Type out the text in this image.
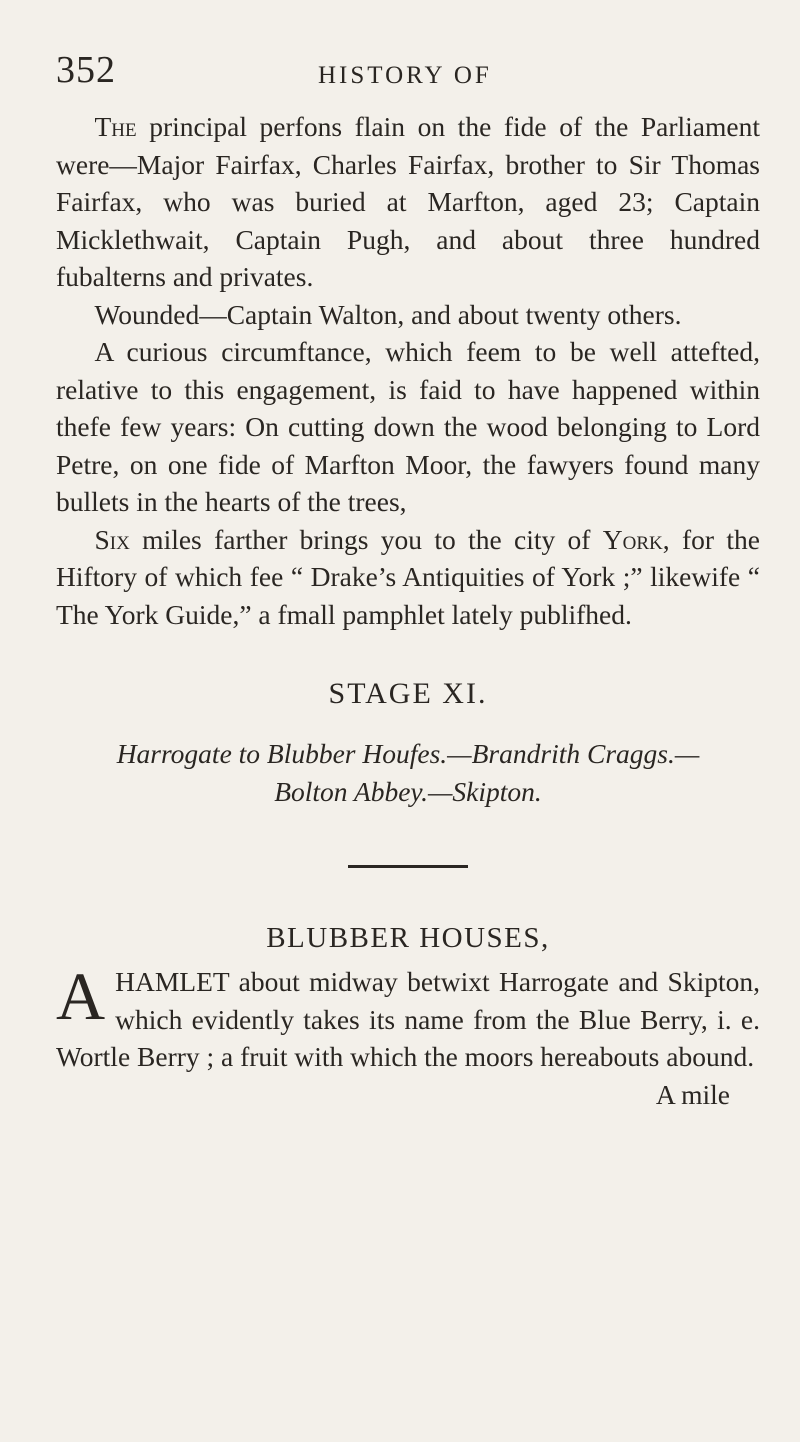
352	HISTORY OF

The principal perfons flain on the fide of the Parliament were—Major Fairfax, Charles Fairfax, brother to Sir Thomas Fairfax, who was buried at Marfton, aged 23; Captain Micklethwait, Captain Pugh, and about three hundred fubalterns and privates.

Wounded—Captain Walton, and about twenty others.

A curious circumftance, which feem to be well attefted, relative to this engagement, is faid to have happened within thefe few years: On cutting down the wood belonging to Lord Petre, on one fide of Marfton Moor, the fawyers found many bullets in the hearts of the trees,

Six miles farther brings you to the city of York, for the Hiftory of which fee “ Drake’s Antiquities of York ;” likewife “ The York Guide,” a fmall pamphlet lately publifhed.

STAGE XI.

Harrogate to Blubber Houfes.—Brandrith Craggs.—

Bolton Abbey.—Skipton.

BLUBBER HOUSES,

A HAMLET about midway betwixt Harrogate and Skipton, which evidently takes its name from the Blue Berry, i. e. Wortle Berry ; a fruit with which the moors hereabouts abound.

A mile
